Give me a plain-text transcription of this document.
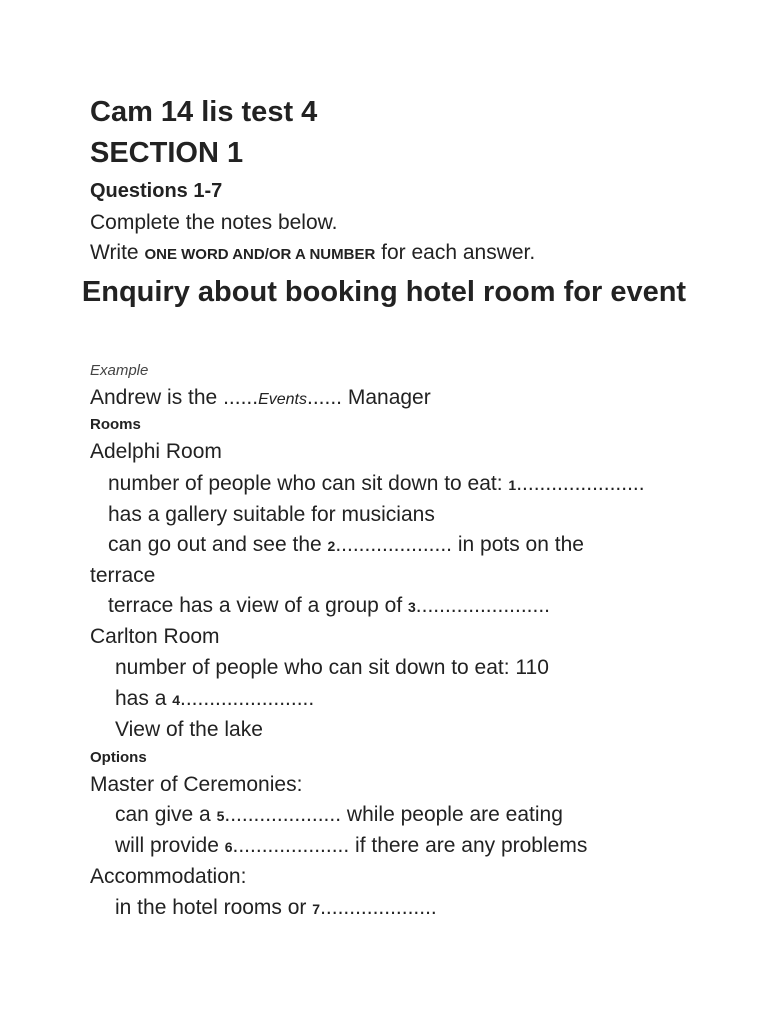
Cam 14 lis test 4

SECTION 1

Questions 1-7

Complete the notes below.

Write ONE WORD AND/OR A NUMBER for each answer.

Enquiry about booking hotel room for event

Example

Andrew is the ......Events...... Manager

Rooms

Adelphi Room

number of people who can sit down to eat: 1......................

has a gallery suitable for musicians

can go out and see the 2.................... in pots on the

terrace

terrace has a view of a group of 3.......................

Carlton Room

number of people who can sit down to eat: 110

has a 4.......................

View of the lake

Options

Master of Ceremonies:

can give a 5.................... while people are eating

will provide 6.................... if there are any problems

Accommodation:

in the hotel rooms or 7....................
